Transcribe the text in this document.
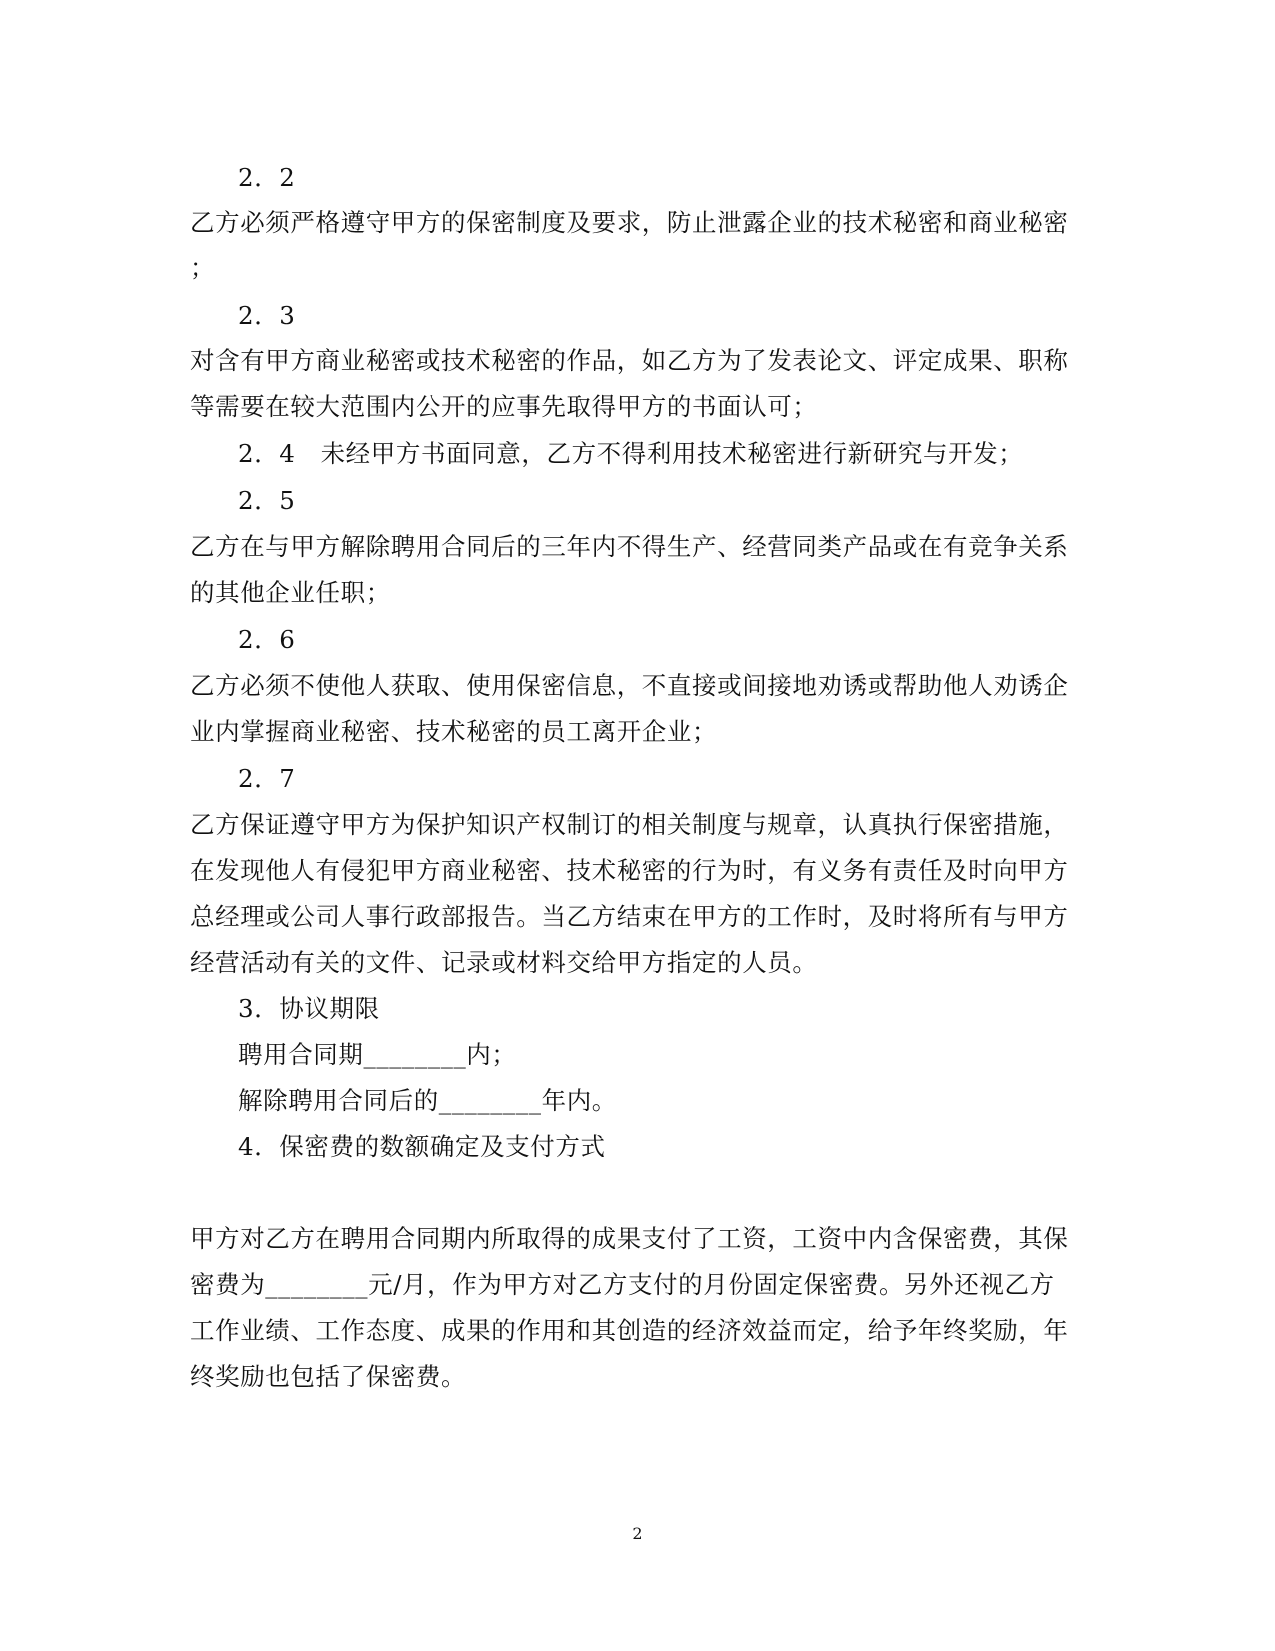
2．2
乙方必须严格遵守甲方的保密制度及要求，防止泄露企业的技术秘密和商业秘密
；
2．3
对含有甲方商业秘密或技术秘密的作品，如乙方为了发表论文、评定成果、职称
等需要在较大范围内公开的应事先取得甲方的书面认可；
2．4　未经甲方书面同意，乙方不得利用技术秘密进行新研究与开发；
2．5
乙方在与甲方解除聘用合同后的三年内不得生产、经营同类产品或在有竞争关系
的其他企业任职；
2．6
乙方必须不使他人获取、使用保密信息，不直接或间接地劝诱或帮助他人劝诱企
业内掌握商业秘密、技术秘密的员工离开企业；
2．7
乙方保证遵守甲方为保护知识产权制订的相关制度与规章，认真执行保密措施，
在发现他人有侵犯甲方商业秘密、技术秘密的行为时，有义务有责任及时向甲方
总经理或公司人事行政部报告。当乙方结束在甲方的工作时，及时将所有与甲方
经营活动有关的文件、记录或材料交给甲方指定的人员。
3．协议期限
聘用合同期________内；
解除聘用合同后的________年内。
4．保密费的数额确定及支付方式
甲方对乙方在聘用合同期内所取得的成果支付了工资，工资中内含保密费，其保
密费为________元/月，作为甲方对乙方支付的月份固定保密费。另外还视乙方
工作业绩、工作态度、成果的作用和其创造的经济效益而定，给予年终奖励，年
终奖励也包括了保密费。
2
